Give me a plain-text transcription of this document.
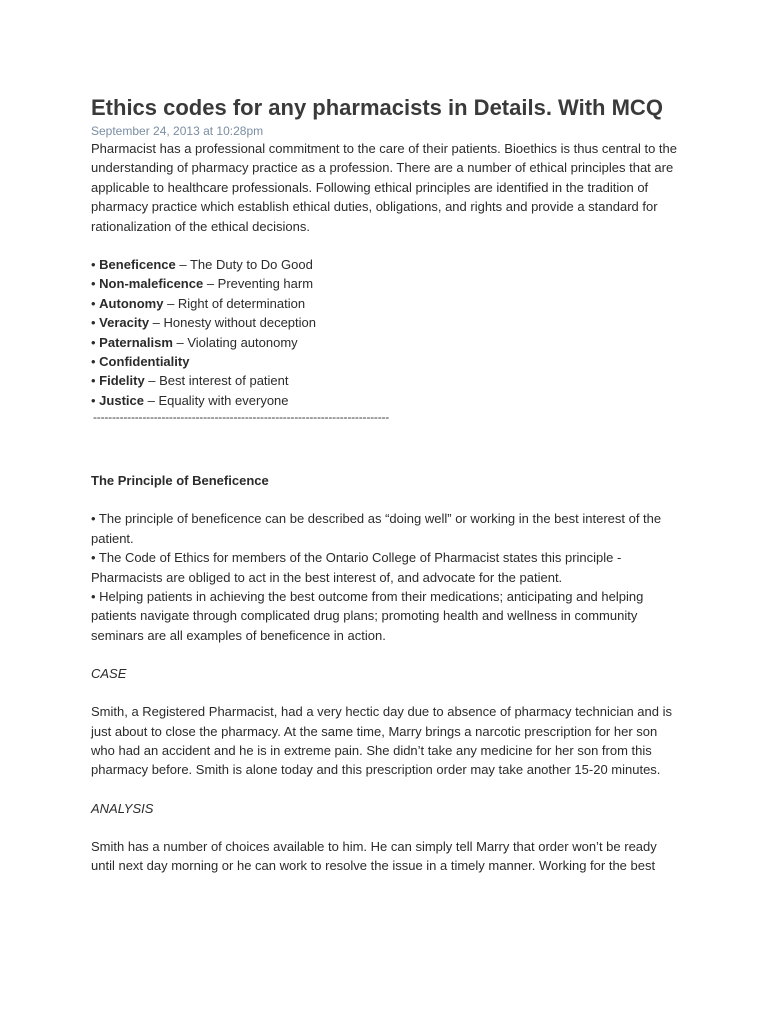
Ethics codes for any pharmacists in Details. With MCQ
September 24, 2013 at 10:28pm

Pharmacist has a professional commitment to the care of their patients. Bioethics is thus central to the understanding of pharmacy practice as a profession. There are a number of ethical principles that are applicable to healthcare professionals. Following ethical principles are identified in the tradition of pharmacy practice which establish ethical duties, obligations, and rights and provide a standard for rationalization of the ethical decisions.

• Beneficence – The Duty to Do Good
• Non-maleficence – Preventing harm
• Autonomy – Right of determination
• Veracity – Honesty without deception
• Paternalism – Violating autonomy
• Confidentiality
• Fidelity – Best interest of patient
• Justice – Equality with everyone
------------------------------------------------------------------------------
The Principle of Beneficence

• The principle of beneficence can be described as “doing well” or working in the best interest of the patient.

• The Code of Ethics for members of the Ontario College of Pharmacist states this principle - Pharmacists are obliged to act in the best interest of, and advocate for the patient.

• Helping patients in achieving the best outcome from their medications; anticipating and helping patients navigate through complicated drug plans; promoting health and wellness in community seminars are all examples of beneficence in action.

CASE

Smith, a Registered Pharmacist, had a very hectic day due to absence of pharmacy technician and is just about to close the pharmacy. At the same time, Marry brings a narcotic prescription for her son who had an accident and he is in extreme pain. She didn’t take any medicine for her son from this pharmacy before. Smith is alone today and this prescription order may take another 15-20 minutes.

ANALYSIS

Smith has a number of choices available to him. He can simply tell Marry that order won’t be ready until next day morning or he can work to resolve the issue in a timely manner. Working for the best
